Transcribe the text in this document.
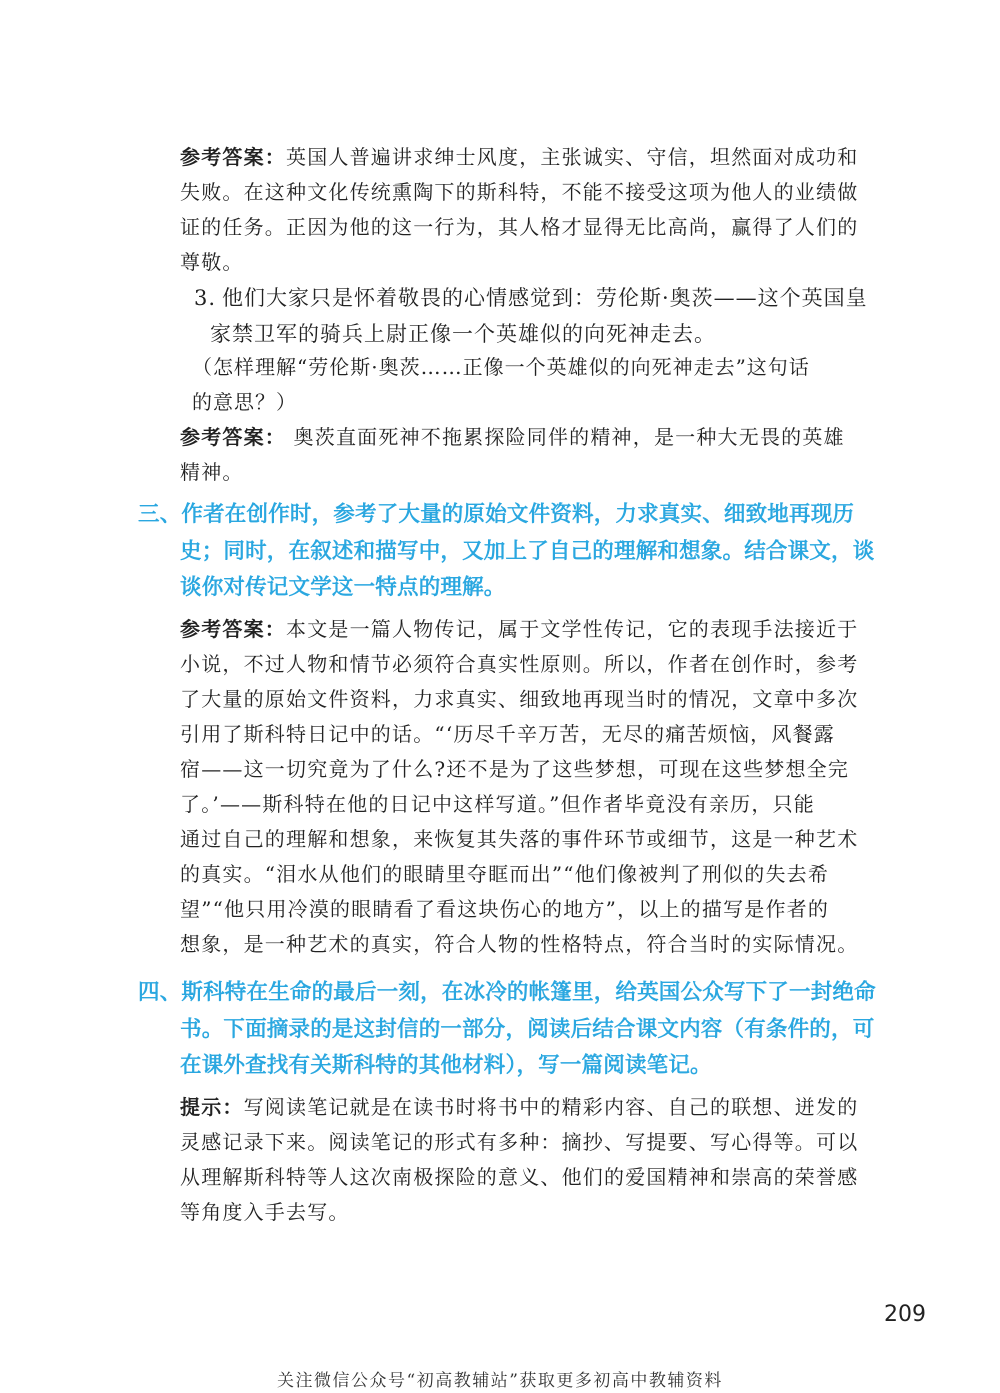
参考答案：英国人普遍讲求绅士风度，主张诚实、守信，坦然面对成功和
失败。在这种文化传统熏陶下的斯科特，不能不接受这项为他人的业绩做
证的任务。正因为他的这一行为，其人格才显得无比高尚，赢得了人们的
尊敬。

3. 他们大家只是怀着敬畏的心情感觉到：劳伦斯·奥茨——这个英国皇
家禁卫军的骑兵上尉正像一个英雄似的向死神走去。

（怎样理解“劳伦斯·奥茨……正像一个英雄似的向死神走去”这句话
的意思？）

参考答案： 奥茨直面死神不拖累探险同伴的精神，是一种大无畏的英雄
精神。

三、作者在创作时，参考了大量的原始文件资料，力求真实、细致地再现历
史；同时，在叙述和描写中，又加上了自己的理解和想象。结合课文，谈
谈你对传记文学这一特点的理解。

参考答案：本文是一篇人物传记，属于文学性传记，它的表现手法接近于
小说，不过人物和情节必须符合真实性原则。所以，作者在创作时，参考
了大量的原始文件资料，力求真实、细致地再现当时的情况，文章中多次
引用了斯科特日记中的话。“‘历尽千辛万苦，无尽的痛苦烦恼，风餐露
宿——这一切究竟为了什么?还不是为了这些梦想，可现在这些梦想全完
了。’——斯科特在他的日记中这样写道。”但作者毕竟没有亲历，只能
通过自己的理解和想象，来恢复其失落的事件环节或细节，这是一种艺术
的真实。“泪水从他们的眼睛里夺眶而出”“他们像被判了刑似的失去希
望”“他只用冷漠的眼睛看了看这块伤心的地方”，以上的描写是作者的
想象，是一种艺术的真实，符合人物的性格特点，符合当时的实际情况。

四、斯科特在生命的最后一刻，在冰冷的帐篷里，给英国公众写下了一封绝命
书。下面摘录的是这封信的一部分，阅读后结合课文内容（有条件的，可
在课外查找有关斯科特的其他材料），写一篇阅读笔记。

提示：写阅读笔记就是在读书时将书中的精彩内容、自己的联想、迸发的
灵感记录下来。阅读笔记的形式有多种：摘抄、写提要、写心得等。可以
从理解斯科特等人这次南极探险的意义、他们的爱国精神和崇高的荣誉感
等角度入手去写。

209
关注微信公众号“初高教辅站”获取更多初高中教辅资料
